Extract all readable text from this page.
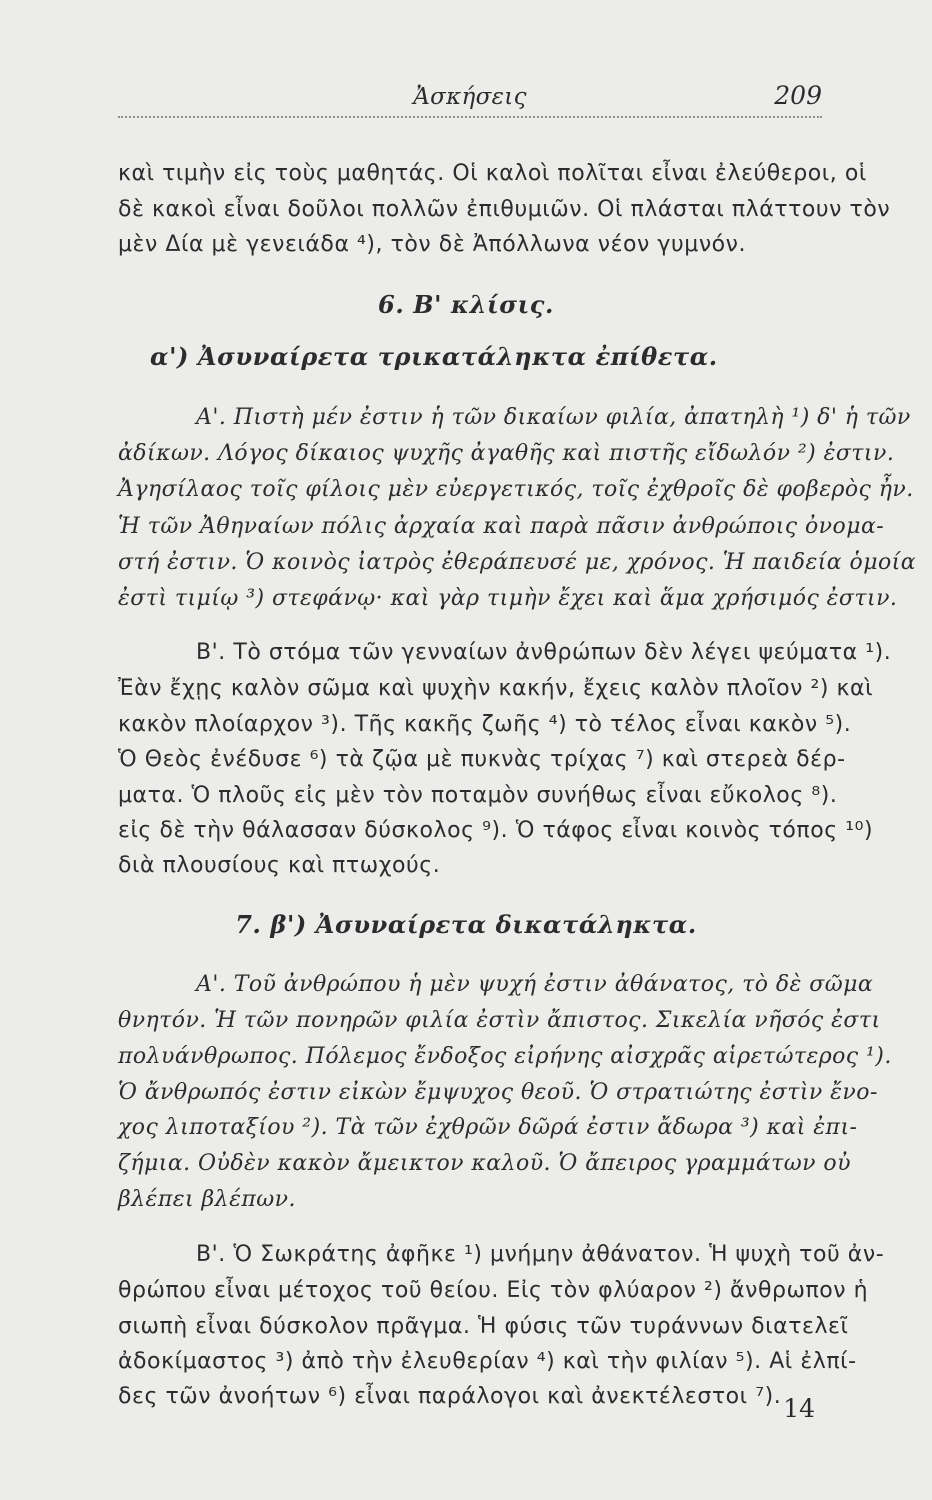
Ἀσκήσεις	209
καὶ τιμὴν εἰς τοὺς μαθητάς. Οἱ καλοὶ πολῖται εἶναι ἐλεύθεροι, οἱ
δὲ κακοὶ εἶναι δοῦλοι πολλῶν ἐπιθυμιῶν. Οἱ πλάσται πλάττουν τὸν
μὲν Δία μὲ γενειάδα ⁴), τὸν δὲ Ἀπόλλωνα νέον γυμνόν.
6. Β' κλίσις.
α') Ἀσυναίρετα τρικατάληκτα ἐπίθετα.
Α'. Πιστὴ μέν ἐστιν ἡ τῶν δικαίων φιλία, ἀπατηλὴ ¹) δ' ἡ τῶν
ἀδίκων. Λόγος δίκαιος ψυχῆς ἀγαθῆς καὶ πιστῆς εἴδωλόν ²) ἐστιν.
Ἀγησίλαος τοῖς φίλοις μὲν εὐεργετικός, τοῖς ἐχθροῖς δὲ φοβερὸς ἦν.
Ἡ τῶν Ἀθηναίων πόλις ἀρχαία καὶ παρὰ πᾶσιν ἀνθρώποις ὀνομα-
στή ἐστιν. Ὁ κοινὸς ἰατρὸς ἐθεράπευσέ με, χρόνος. Ἡ παιδεία ὁμοία
ἐστὶ τιμίῳ ³) στεφάνῳ· καὶ γὰρ τιμὴν ἔχει καὶ ἅμα χρήσιμός ἐστιν.
Β'. Τὸ στόμα τῶν γενναίων ἀνθρώπων δὲν λέγει ψεύματα ¹).
Ἐὰν ἔχῃς καλὸν σῶμα καὶ ψυχὴν κακήν, ἔχεις καλὸν πλοῖον ²) καὶ
κακὸν πλοίαρχον ³). Τῆς κακῆς ζωῆς ⁴) τὸ τέλος εἶναι κακὸν ⁵).
Ὁ Θεὸς ἐνέδυσε ⁶) τὰ ζῷα μὲ πυκνὰς τρίχας ⁷) καὶ στερεὰ δέρ-
ματα. Ὁ πλοῦς εἰς μὲν τὸν ποταμὸν συνήθως εἶναι εὔκολος ⁸).
εἰς δὲ τὴν θάλασσαν δύσκολος ⁹). Ὁ τάφος εἶναι κοινὸς τόπος ¹⁰)
διὰ πλουσίους καὶ πτωχούς.
7. β') Ἀσυναίρετα δικατάληκτα.
Α'. Τοῦ ἀνθρώπου ἡ μὲν ψυχή ἐστιν ἀθάνατος, τὸ δὲ σῶμα
θνητόν. Ἡ τῶν πονηρῶν φιλία ἐστὶν ἄπιστος. Σικελία νῆσός ἐστι
πολυάνθρωπος. Πόλεμος ἔνδοξος εἰρήνης αἰσχρᾶς αἱρετώτερος ¹).
Ὁ ἄνθρωπός ἐστιν εἰκὼν ἔμψυχος θεοῦ. Ὁ στρατιώτης ἐστὶν ἔνο-
χος λιποταξίου ²). Τὰ τῶν ἐχθρῶν δῶρά ἐστιν ἄδωρα ³) καὶ ἐπι-
ζήμια. Οὐδὲν κακὸν ἄμεικτον καλοῦ. Ὁ ἄπειρος γραμμάτων οὐ
βλέπει βλέπων.
Β'. Ὁ Σωκράτης ἀφῆκε ¹) μνήμην ἀθάνατον. Ἡ ψυχὴ τοῦ ἀν-
θρώπου εἶναι μέτοχος τοῦ θείου. Εἰς τὸν φλύαρον ²) ἄνθρωπον ἡ
σιωπὴ εἶναι δύσκολον πρᾶγμα. Ἡ φύσις τῶν τυράννων διατελεῖ
ἀδοκίμαστος ³) ἀπὸ τὴν ἐλευθερίαν ⁴) καὶ τὴν φιλίαν ⁵). Αἱ ἐλπί-
δες τῶν ἀνοήτων ⁶) εἶναι παράλογοι καὶ ἀνεκτέλεστοι ⁷). 14
